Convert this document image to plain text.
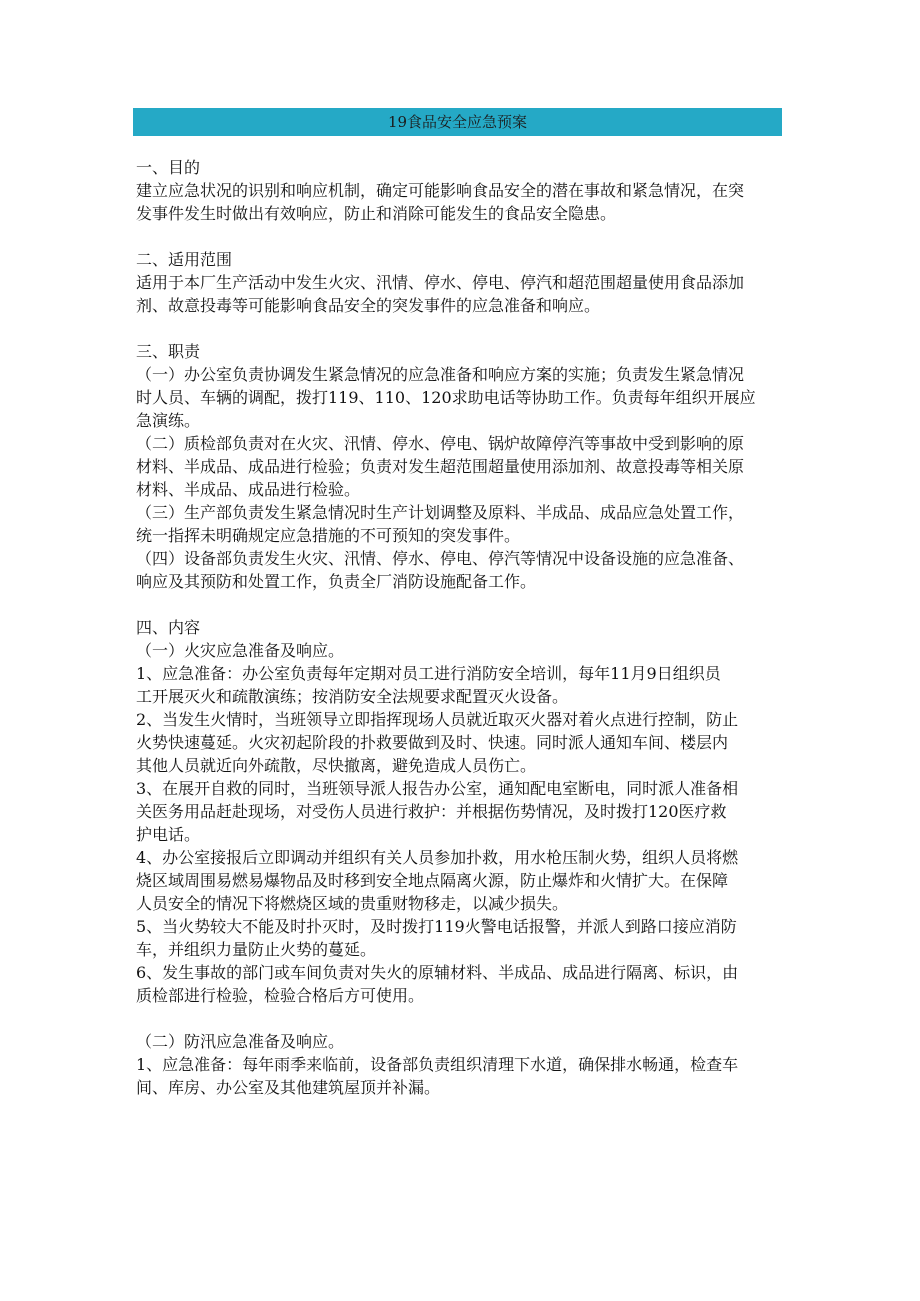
19食品安全应急预案

一、目的

建立应急状况的识别和响应机制，确定可能影响食品安全的潜在事故和紧急情况，在突

发事件发生时做出有效响应，防止和消除可能发生的食品安全隐患。

二、适用范围

适用于本厂生产活动中发生火灾、汛情、停水、停电、停汽和超范围超量使用食品添加

剂、故意投毒等可能影响食品安全的突发事件的应急准备和响应。

三、职责

（一）办公室负责协调发生紧急情况的应急准备和响应方案的实施；负责发生紧急情况

时人员、车辆的调配，拨打119、110、120求助电话等协助工作。负责每年组织开展应

急演练。

（二）质检部负责对在火灾、汛情、停水、停电、锅炉故障停汽等事故中受到影响的原

材料、半成品、成品进行检验；负责对发生超范围超量使用添加剂、故意投毒等相关原

材料、半成品、成品进行检验。

（三）生产部负责发生紧急情况时生产计划调整及原料、半成品、成品应急处置工作，

统一指挥未明确规定应急措施的不可预知的突发事件。

（四）设备部负责发生火灾、汛情、停水、停电、停汽等情况中设备设施的应急准备、

响应及其预防和处置工作，负责全厂消防设施配备工作。

四、内容

（一）火灾应急准备及响应。

1、应急准备：办公室负责每年定期对员工进行消防安全培训，每年11月9日组织员

工开展灭火和疏散演练；按消防安全法规要求配置灭火设备。

2、当发生火情时，当班领导立即指挥现场人员就近取灭火器对着火点进行控制，防止

火势快速蔓延。火灾初起阶段的扑救要做到及时、快速。同时派人通知车间、楼层内

其他人员就近向外疏散，尽快撤离，避免造成人员伤亡。

3、在展开自救的同时，当班领导派人报告办公室，通知配电室断电，同时派人准备相

关医务用品赶赴现场，对受伤人员进行救护：并根据伤势情况，及时拨打120医疗救

护电话。

4、办公室接报后立即调动并组织有关人员参加扑救，用水枪压制火势，组织人员将燃

烧区域周围易燃易爆物品及时移到安全地点隔离火源，防止爆炸和火情扩大。在保障

人员安全的情况下将燃烧区域的贵重财物移走，以减少损失。

5、当火势较大不能及时扑灭时，及时拨打119火警电话报警，并派人到路口接应消防

车，并组织力量防止火势的蔓延。

6、发生事故的部门或车间负责对失火的原辅材料、半成品、成品进行隔离、标识，由

质检部进行检验，检验合格后方可使用。

（二）防汛应急准备及响应。

1、应急准备：每年雨季来临前，设备部负责组织清理下水道，确保排水畅通，检查车

间、库房、办公室及其他建筑屋顶并补漏。
